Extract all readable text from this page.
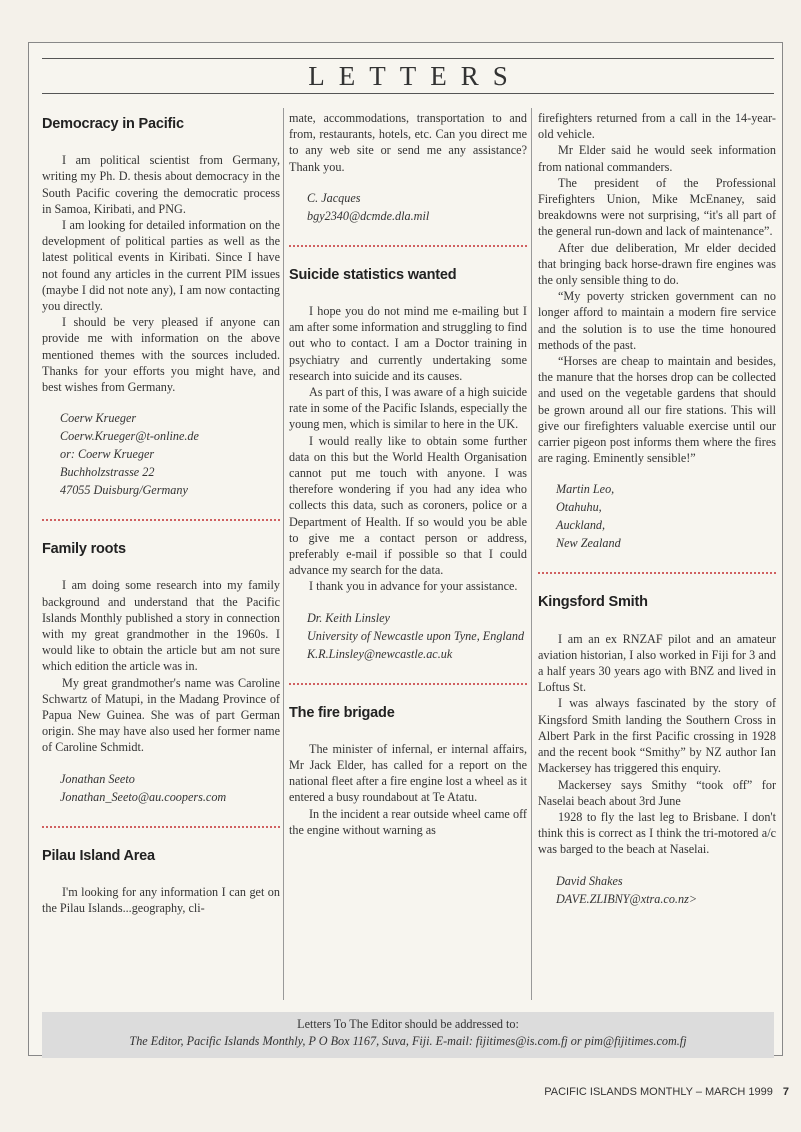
LETTERS
Democracy in Pacific

I am political scientist from Germany, writing my Ph. D. thesis about democracy in the South Pacific covering the democratic process in Samoa, Kiribati, and PNG.

I am looking for detailed information on the development of political parties as well as the latest political events in Kiribati. Since I have not found any articles in the current PIM issues (maybe I did not note any), I am now contacting you directly.

I should be very pleased if anyone can provide me with information on the above mentioned themes with the sources included. Thanks for your efforts you might have, and best wishes from Germany.

Coerw Krueger
Coerw.Krueger@t-online.de
or: Coerw Krueger
Buchholzstrasse 22
47055 Duisburg/Germany
Family roots

I am doing some research into my family background and understand that the Pacific Islands Monthly published a story in connection with my great grandmother in the 1960s. I would like to obtain the article but am not sure which edition the article was in.

My great grandmother's name was Caroline Schwartz of Matupi, in the Madang Province of Papua New Guinea. She was of part German origin. She may have also used her former name of Caroline Schmidt.

Jonathan Seeto
Jonathan_Seeto@au.coopers.com
Pilau Island Area

I'm looking for any information I can get on the Pilau Islands...geography, cli-

mate, accommodations, transportation to and from, restaurants, hotels, etc. Can you direct me to any web site or send me any assistance? Thank you.

C. Jacques
bgy2340@dcmde.dla.mil
Suicide statistics wanted

I hope you do not mind me e-mailing but I am after some information and struggling to find out who to contact. I am a Doctor training in psychiatry and currently undertaking some research into suicide and its causes.

As part of this, I was aware of a high suicide rate in some of the Pacific Islands, especially the young men, which is similar to here in the UK.

I would really like to obtain some further data on this but the World Health Organisation cannot put me touch with anyone. I was therefore wondering if you had any idea who collects this data, such as coroners, police or a Department of Health. If so would you be able to give me a contact person or address, preferably e-mail if possible so that I could advance my search for the data.

I thank you in advance for your assistance.

Dr. Keith Linsley
University of Newcastle upon Tyne, England
K.R.Linsley@newcastle.ac.uk
The fire brigade

The minister of infernal, er internal affairs, Mr Jack Elder, has called for a report on the national fleet after a fire engine lost a wheel as it entered a busy roundabout at Te Atatu.

In the incident a rear outside wheel came off the engine without warning as

firefighters returned from a call in the 14-year-old vehicle.

Mr Elder said he would seek information from national commanders.

The president of the Professional Firefighters Union, Mike McEnaney, said breakdowns were not surprising, “it's all part of the general run-down and lack of maintenance”.

After due deliberation, Mr elder decided that bringing back horse-drawn fire engines was the only sensible thing to do.

“My poverty stricken government can no longer afford to maintain a modern fire service and the solution is to use the time honoured methods of the past.

“Horses are cheap to maintain and besides, the manure that the horses drop can be collected and used on the vegetable gardens that should be grown around all our fire stations. This will give our firefighters valuable exercise until our carrier pigeon post informs them where the fires are raging. Eminently sensible!”

Martin Leo,
Otahuhu,
Auckland,
New Zealand
Kingsford Smith

I am an ex RNZAF pilot and an amateur aviation historian, I also worked in Fiji for 3 and a half years 30 years ago with BNZ and lived in Loftus St.

I was always fascinated by the story of Kingsford Smith landing the Southern Cross in Albert Park in the first Pacific crossing in 1928 and the recent book “Smithy” by NZ author Ian Mackersey has triggered this enquiry.

Mackersey says Smithy “took off” for Naselai beach about 3rd June

1928 to fly the last leg to Brisbane. I don't think this is correct as I think the tri-motored a/c was barged to the beach at Naselai.

David Shakes
DAVE.ZLIBNY@xtra.co.nz>
Letters To The Editor should be addressed to:
The Editor, Pacific Islands Monthly, P O Box 1167, Suva, Fiji. E-mail: fijitimes@is.com.fj or pim@fijitimes.com.fj
PACIFIC ISLANDS MONTHLY – MARCH 1999 7
